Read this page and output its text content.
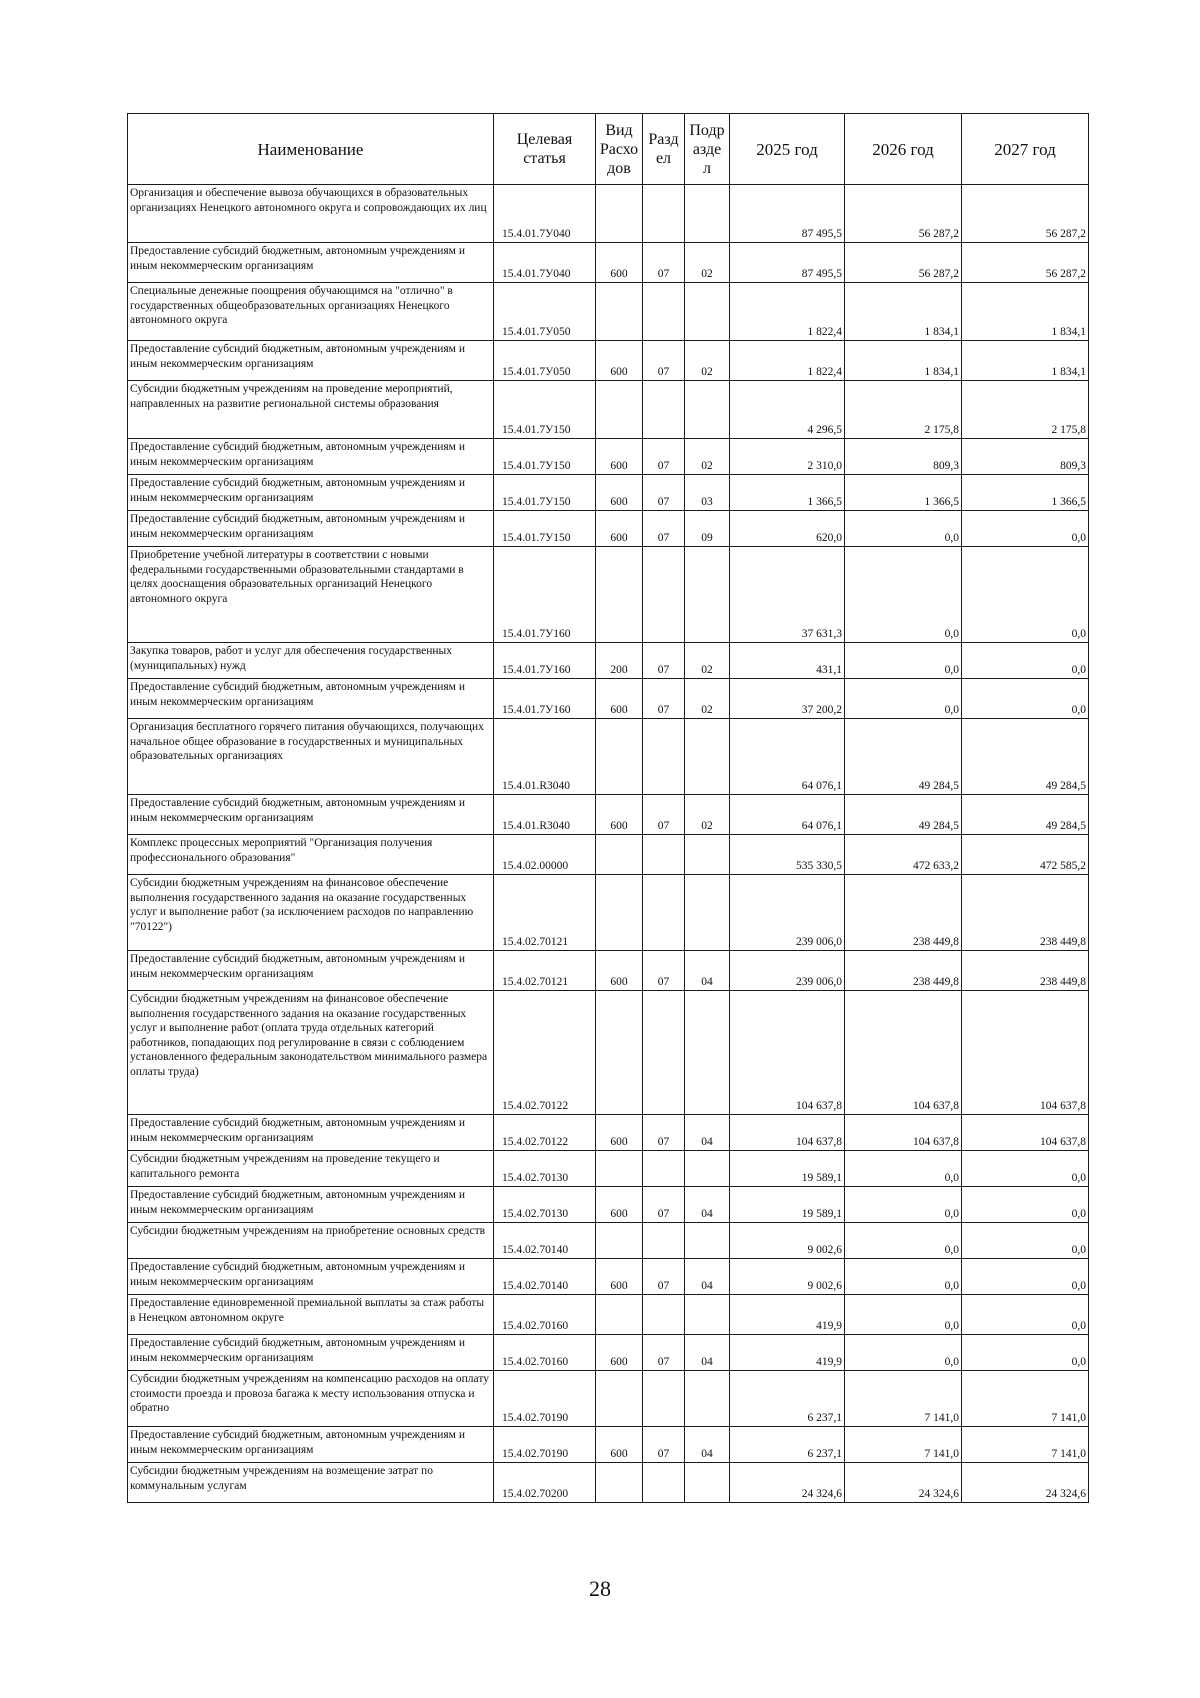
Наименование	Целевая статья	Вид Расхо дов	Разд ел	Подр азде л	2025 год	2026 год	2027 год
Организация и обеспечение вывоза обучающихся в образовательных организациях Ненецкого автономного округа и сопровождающих их лиц	15.4.01.7У040				87 495,5	56 287,2	56 287,2
Предоставление субсидий бюджетным, автономным учреждениям и иным некоммерческим организациям	15.4.01.7У040	600	07	02	87 495,5	56 287,2	56 287,2
Специальные денежные поощрения обучающимся на "отлично" в государственных общеобразовательных организациях Ненецкого автономного округа	15.4.01.7У050				1 822,4	1 834,1	1 834,1
Предоставление субсидий бюджетным, автономным учреждениям и иным некоммерческим организациям	15.4.01.7У050	600	07	02	1 822,4	1 834,1	1 834,1
Субсидии бюджетным учреждениям на проведение мероприятий, направленных на развитие региональной системы образования	15.4.01.7У150				4 296,5	2 175,8	2 175,8
Предоставление субсидий бюджетным, автономным учреждениям и иным некоммерческим организациям	15.4.01.7У150	600	07	02	2 310,0	809,3	809,3
Предоставление субсидий бюджетным, автономным учреждениям и иным некоммерческим организациям	15.4.01.7У150	600	07	03	1 366,5	1 366,5	1 366,5
Предоставление субсидий бюджетным, автономным учреждениям и иным некоммерческим организациям	15.4.01.7У150	600	07	09	620,0	0,0	0,0
Приобретение учебной литературы в соответствии с новыми федеральными государственными образовательными стандартами в целях дооснащения образовательных организаций Ненецкого автономного округа	15.4.01.7У160				37 631,3	0,0	0,0
Закупка товаров, работ и услуг для обеспечения государственных (муниципальных) нужд	15.4.01.7У160	200	07	02	431,1	0,0	0,0
Предоставление субсидий бюджетным, автономным учреждениям и иным некоммерческим организациям	15.4.01.7У160	600	07	02	37 200,2	0,0	0,0
Организация бесплатного горячего питания обучающихся, получающих начальное общее образование в государственных и муниципальных образовательных организациях	15.4.01.R3040				64 076,1	49 284,5	49 284,5
Предоставление субсидий бюджетным, автономным учреждениям и иным некоммерческим организациям	15.4.01.R3040	600	07	02	64 076,1	49 284,5	49 284,5
Комплекс процессных мероприятий "Организация получения профессионального образования"	15.4.02.00000				535 330,5	472 633,2	472 585,2
Субсидии бюджетным учреждениям на финансовое обеспечение выполнения государственного задания на оказание государственных услуг и выполнение работ (за исключением расходов по направлению "70122")	15.4.02.70121				239 006,0	238 449,8	238 449,8
Предоставление субсидий бюджетным, автономным учреждениям и иным некоммерческим организациям	15.4.02.70121	600	07	04	239 006,0	238 449,8	238 449,8
Субсидии бюджетным учреждениям на финансовое обеспечение выполнения государственного задания на оказание государственных услуг и выполнение работ (оплата труда отдельных категорий работников, попадающих под регулирование в связи с соблюдением установленного федеральным законодательством минимального размера оплаты труда)	15.4.02.70122				104 637,8	104 637,8	104 637,8
Предоставление субсидий бюджетным, автономным учреждениям и иным некоммерческим организациям	15.4.02.70122	600	07	04	104 637,8	104 637,8	104 637,8
Субсидии бюджетным учреждениям на проведение текущего и капитального ремонта	15.4.02.70130				19 589,1	0,0	0,0
Предоставление субсидий бюджетным, автономным учреждениям и иным некоммерческим организациям	15.4.02.70130	600	07	04	19 589,1	0,0	0,0
Субсидии бюджетным учреждениям на приобретение основных средств	15.4.02.70140				9 002,6	0,0	0,0
Предоставление субсидий бюджетным, автономным учреждениям и иным некоммерческим организациям	15.4.02.70140	600	07	04	9 002,6	0,0	0,0
Предоставление единовременной премиальной выплаты за стаж работы в Ненецком автономном округе	15.4.02.70160				419,9	0,0	0,0
Предоставление субсидий бюджетным, автономным учреждениям и иным некоммерческим организациям	15.4.02.70160	600	07	04	419,9	0,0	0,0
Субсидии бюджетным учреждениям на компенсацию расходов на оплату стоимости проезда и провоза багажа к месту использования отпуска и обратно	15.4.02.70190				6 237,1	7 141,0	7 141,0
Предоставление субсидий бюджетным, автономным учреждениям и иным некоммерческим организациям	15.4.02.70190	600	07	04	6 237,1	7 141,0	7 141,0
Субсидии бюджетным учреждениям на возмещение затрат по коммунальным услугам	15.4.02.70200				24 324,6	24 324,6	24 324,6
28
